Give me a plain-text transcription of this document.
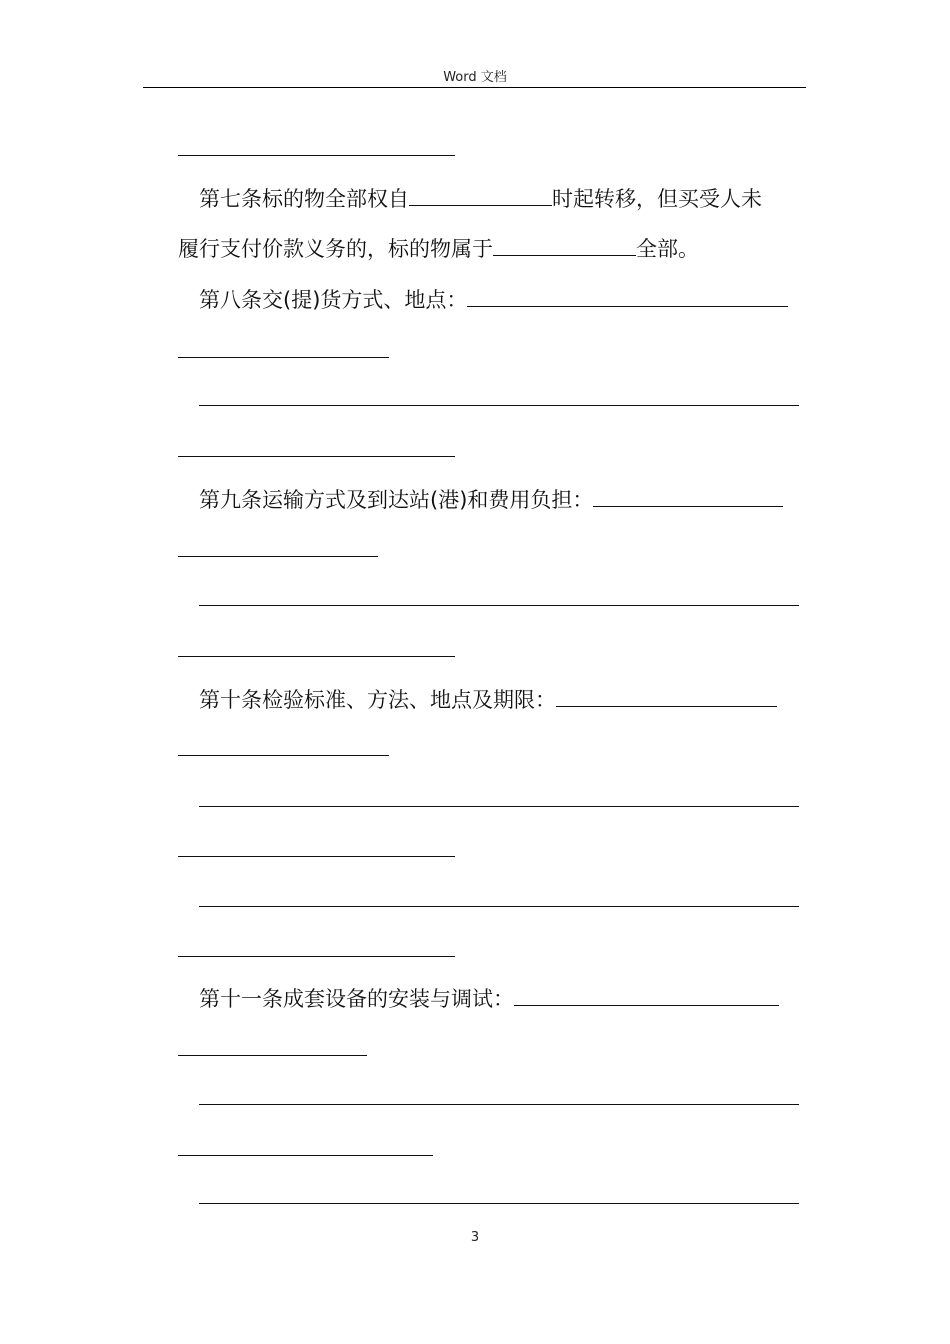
Word 文档
第七条标的物全部权自	时起转移，但买受人未
履行支付价款义务的，标的物属于	全部。
第八条交(提)货方式、地点：
第九条运输方式及到达站(港)和费用负担：
第十条检验标准、方法、地点及期限：
第十一条成套设备的安装与调试：
3
